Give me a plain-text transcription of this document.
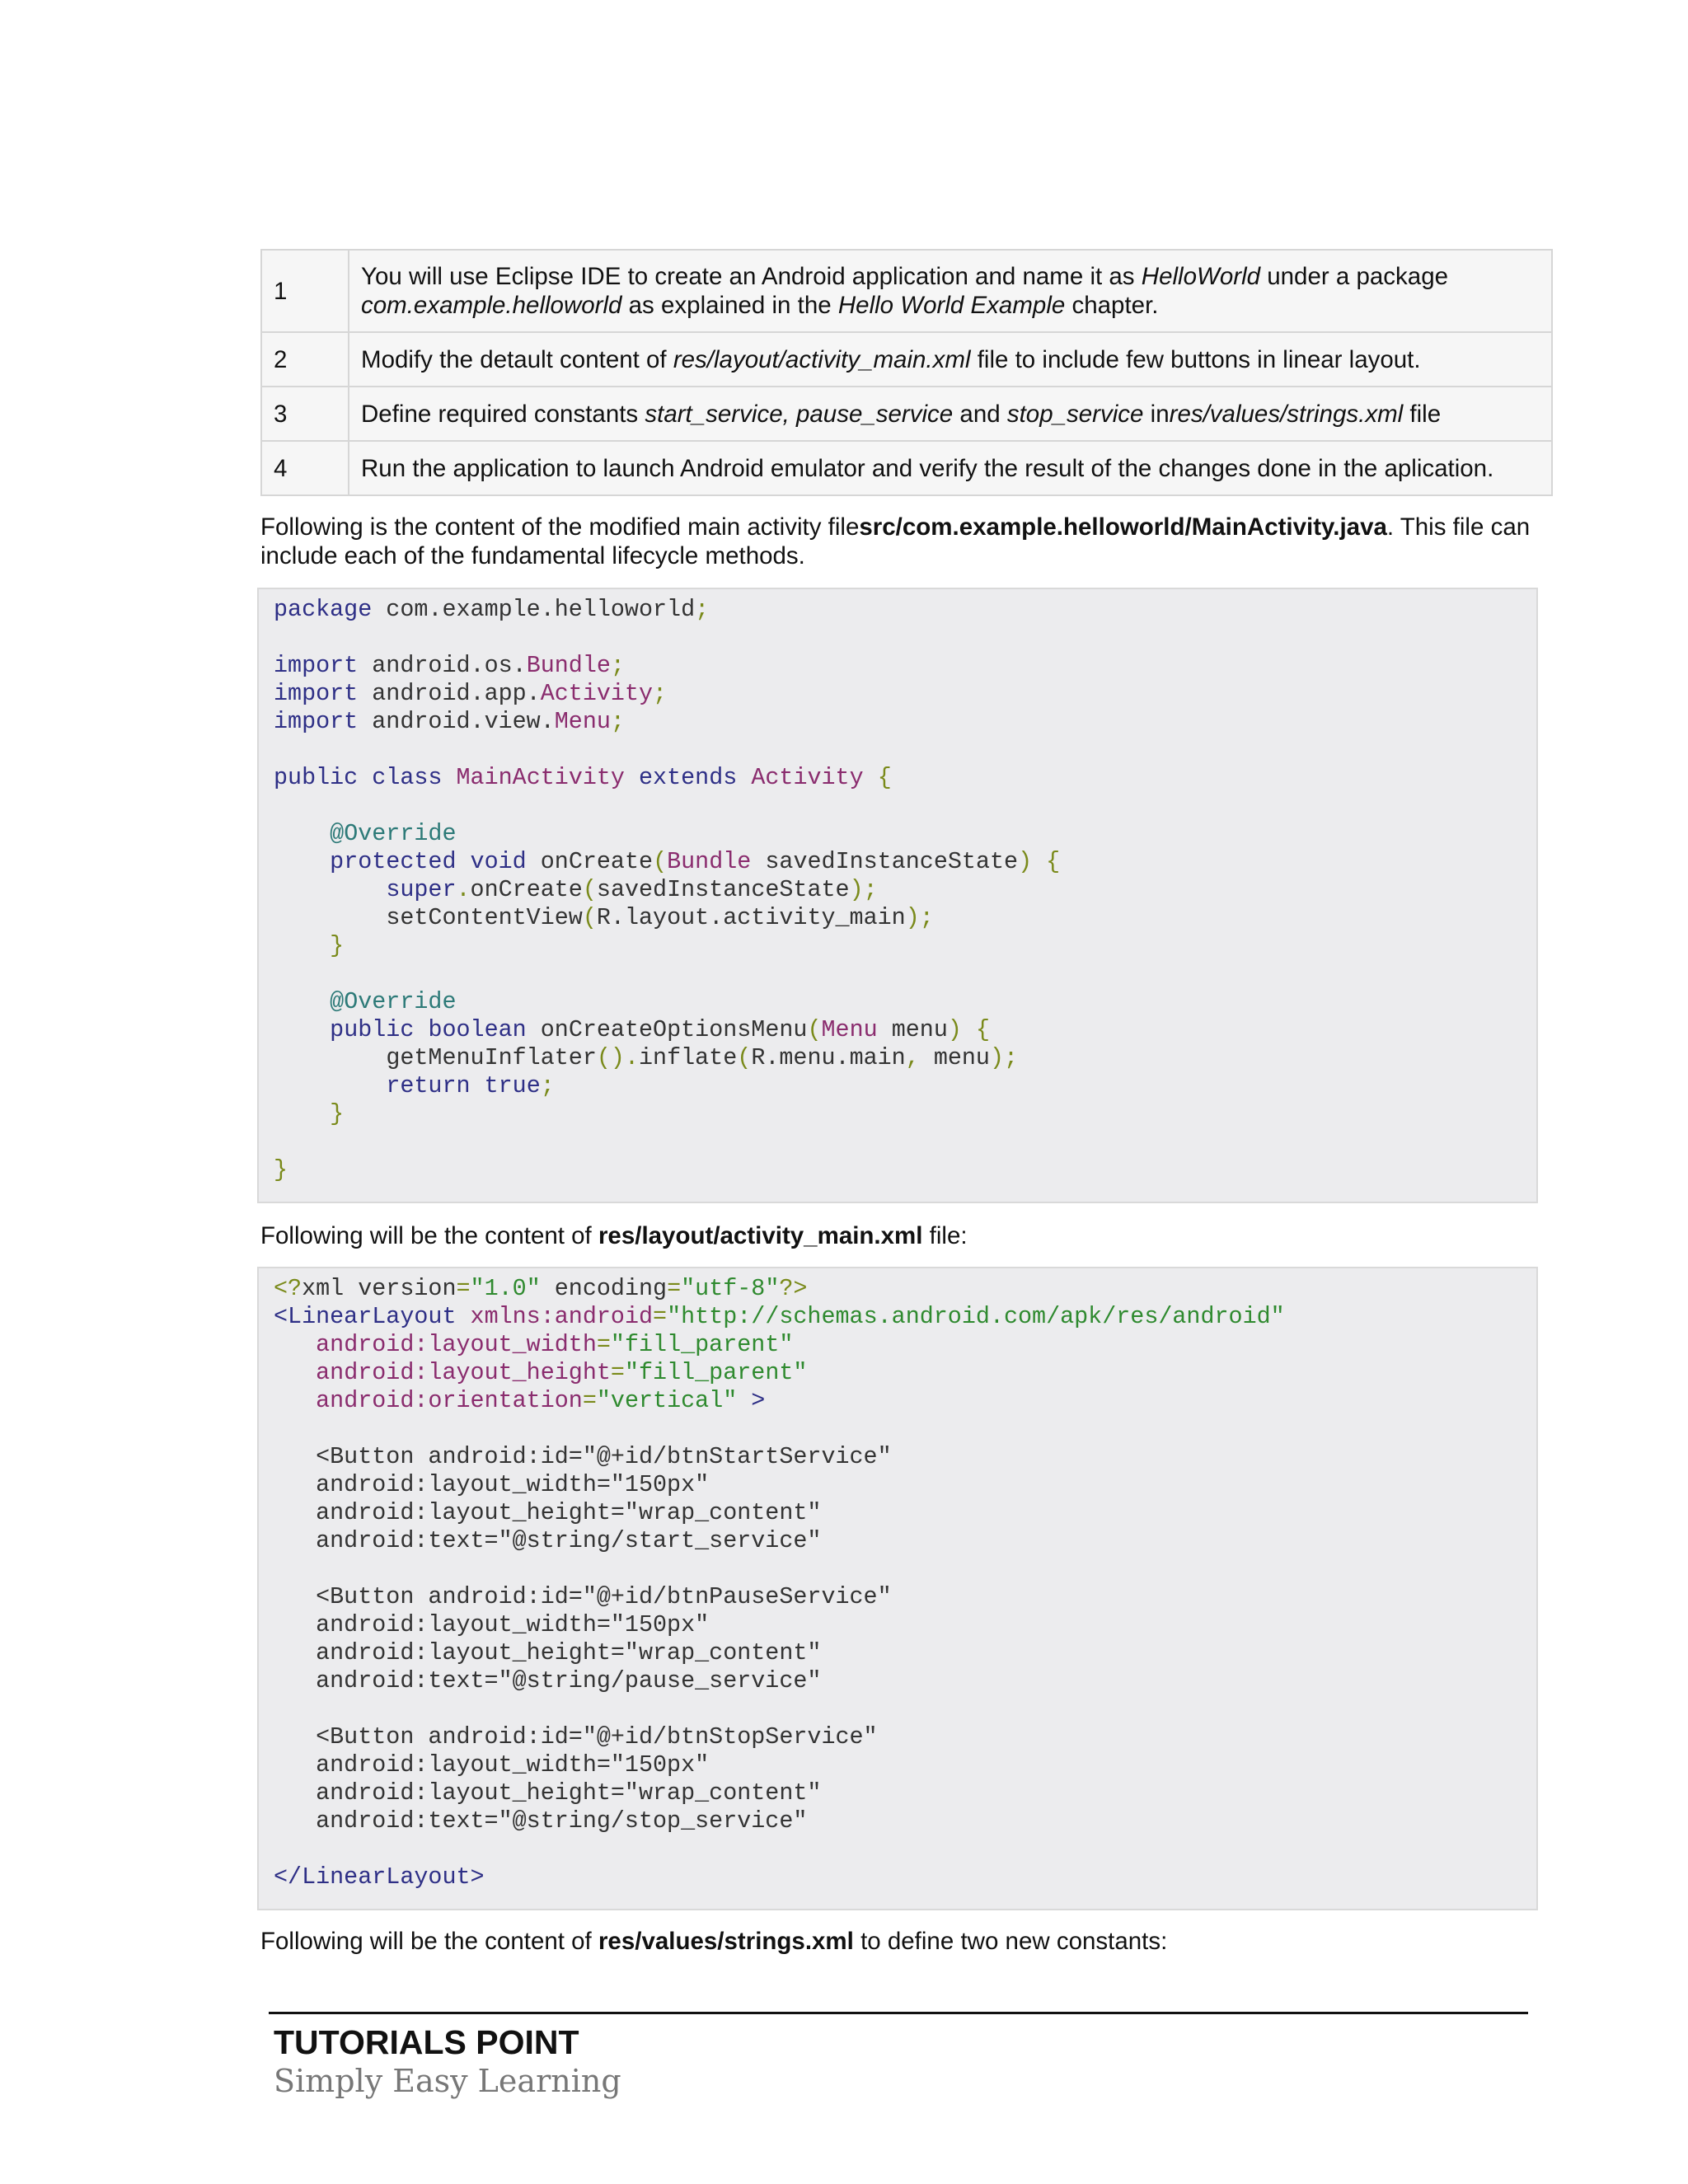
1	You will use Eclipse IDE to create an Android application and name it as HelloWorld under a package com.example.helloworld as explained in the Hello World Example chapter.
2	Modify the detault content of res/layout/activity_main.xml file to include few buttons in linear layout.
3	Define required constants start_service, pause_service and stop_service inres/values/strings.xml file
4	Run the application to launch Android emulator and verify the result of the changes done in the aplication.
Following is the content of the modified main activity filesrc/com.example.helloworld/MainActivity.java. This file can include each of the fundamental lifecycle methods.
package com.example.helloworld;

import android.os.Bundle;
import android.app.Activity;
import android.view.Menu;

public class MainActivity extends Activity {

@Override
protected void onCreate(Bundle savedInstanceState) {
super.onCreate(savedInstanceState);
setContentView(R.layout.activity_main);
}

@Override
public boolean onCreateOptionsMenu(Menu menu) {
getMenuInflater().inflate(R.menu.main, menu);
return true;
}

}
Following will be the content of res/layout/activity_main.xml file:
<?xml version="1.0" encoding="utf-8"?>
<LinearLayout xmlns:android="http://schemas.android.com/apk/res/android"
android:layout_width="fill_parent"
android:layout_height="fill_parent"
android:orientation="vertical" >

<Button android:id="@+id/btnStartService"
android:layout_width="150px"
android:layout_height="wrap_content"
android:text="@string/start_service"

<Button android:id="@+id/btnPauseService"
android:layout_width="150px"
android:layout_height="wrap_content"
android:text="@string/pause_service"

<Button android:id="@+id/btnStopService"
android:layout_width="150px"
android:layout_height="wrap_content"
android:text="@string/stop_service"

</LinearLayout>
Following will be the content of res/values/strings.xml to define two new constants:
TUTORIALS POINT
Simply Easy Learning
